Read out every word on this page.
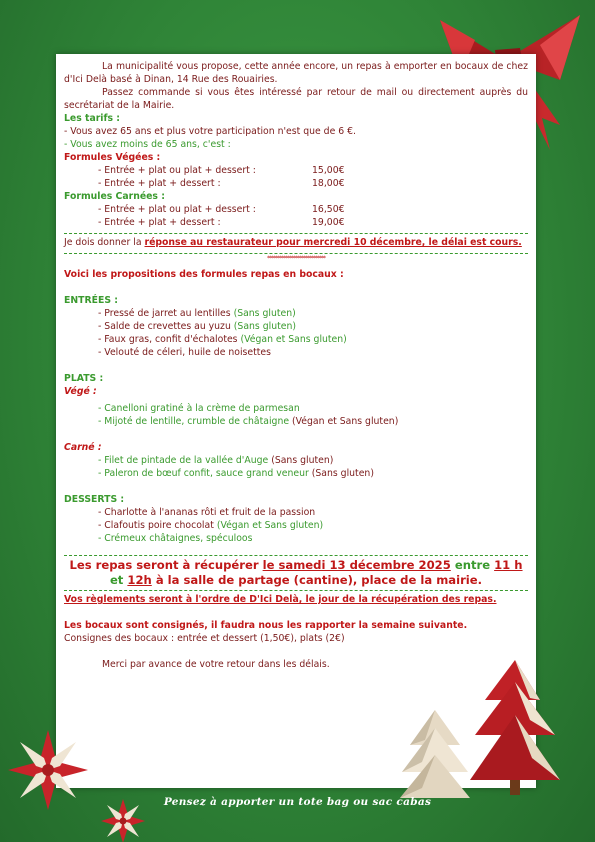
La municipalité vous propose, cette année encore, un repas à emporter en bocaux de chez d'Ici Delà basé à Dinan, 14 Rue des Rouairies.

Passez commande si vous êtes intéressé par retour de mail ou directement auprès du secrétariat de la Mairie.

Les tarifs :

- Vous avez 65 ans et plus votre participation n'est que de 6 €.

- Vous avez moins de 65 ans, c'est :

Formules Végées :

- Entrée + plat ou plat + dessert :	15,00€
- Entrée + plat + dessert :	18,00€

Formules Carnées :

- Entrée + plat ou plat + dessert :	16,50€
- Entrée + plat + dessert :	19,00€

Je dois donner la réponse au restaurateur pour mercredi 10 décembre, le délai est cours.

*****************************

Voici les propositions des formules repas en bocaux :

ENTRÉES :

- Pressé de jarret au lentilles (Sans gluten)

- Salde de crevettes au yuzu (Sans gluten)

- Faux gras, confit d'échalotes (Végan et Sans gluten)

- Velouté de céleri, huile de noisettes

PLATS :

Végé :

- Canelloni gratiné à la crème de parmesan

- Mijoté de lentille, crumble de châtaigne (Végan et Sans gluten)

Carné :

- Filet de pintade de la vallée d'Auge (Sans gluten)

- Paleron de bœuf confit, sauce grand veneur (Sans gluten)

DESSERTS :

- Charlotte à l'ananas rôti et fruit de la passion

- Clafoutis poire chocolat (Végan et Sans gluten)

- Crémeux châtaignes, spéculoos

Les repas seront à récupérer le samedi 13 décembre 2025 entre 11 h et 12h à la salle de partage (cantine), place de la mairie.

Vos règlements seront à l'ordre de D'Ici Delà, le jour de la récupération des repas.

Les bocaux sont consignés, il faudra nous les rapporter la semaine suivante.

Consignes des bocaux : entrée et dessert (1,50€), plats (2€)

Merci par avance de votre retour dans les délais.

Pensez à apporter un tote bag ou sac cabas
